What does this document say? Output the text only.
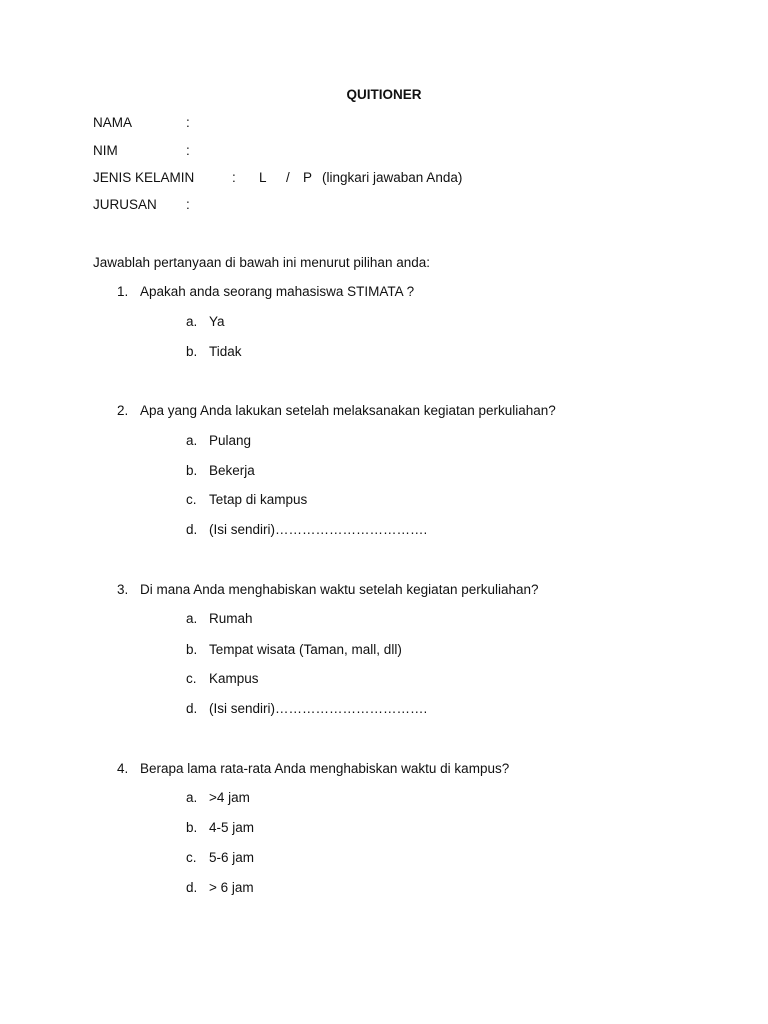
QUITIONER
NAMA	:
NIM	:
JENIS KELAMIN	: L / P (lingkari jawaban Anda)
JURUSAN :
Jawablah pertanyaan di bawah ini menurut pilihan anda:
1. Apakah anda seorang mahasiswa STIMATA ?
a. Ya
b. Tidak
2. Apa yang Anda lakukan setelah melaksanakan kegiatan perkuliahan?
a. Pulang
b. Bekerja
c. Tetap di kampus
d. (Isi sendiri)…………………………….
3. Di mana Anda menghabiskan waktu setelah kegiatan perkuliahan?
a. Rumah
b. Tempat wisata (Taman, mall, dll)
c. Kampus
d. (Isi sendiri)…………………………….
4. Berapa lama rata-rata Anda menghabiskan waktu di kampus?
a. >4 jam
b. 4-5 jam
c. 5-6 jam
d. > 6 jam
